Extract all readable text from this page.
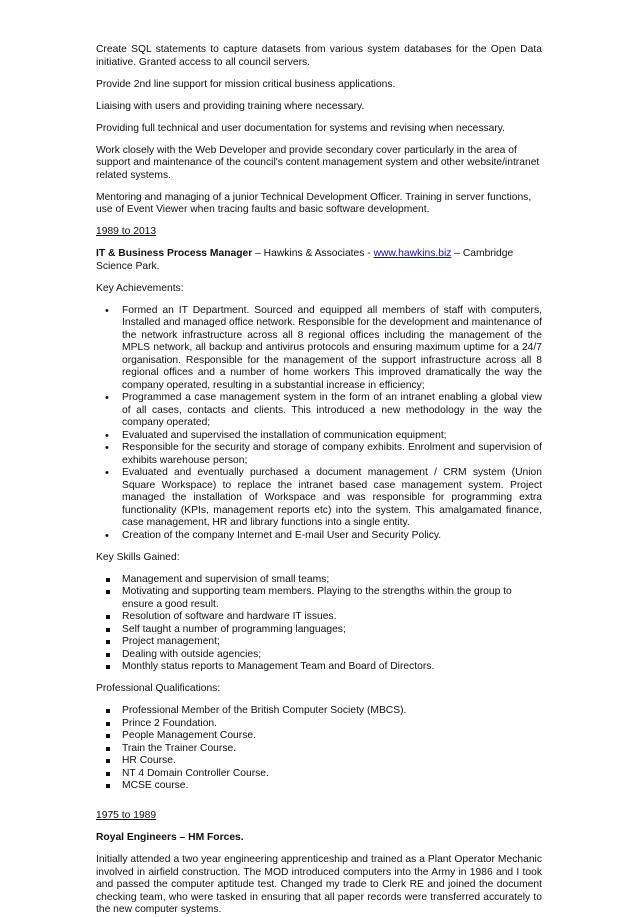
Create SQL statements to capture datasets from various system databases for the Open Data initiative. Granted access to all council servers.

Provide 2nd line support for mission critical business applications.

Liaising with users and providing training where necessary.

Providing full technical and user documentation for systems and revising when necessary.

Work closely with the Web Developer and provide secondary cover particularly in the area of support and maintenance of the council's content management system and other website/intranet related systems.

Mentoring and managing of a junior Technical Development Officer. Training in server functions, use of Event Viewer when tracing faults and basic software development.

1989 to 2013

IT & Business Process Manager – Hawkins & Associates - www.hawkins.biz – Cambridge Science Park.

Key Achievements:

• Formed an IT Department. Sourced and equipped all members of staff with computers, Installed and managed office network. Responsible for the development and maintenance of the network infrastructure across all 8 regional offices including the management of the MPLS network, all backup and antivirus protocols and ensuring maximum uptime for a 24/7 organisation. Responsible for the management of the support infrastructure across all 8 regional offices and a number of home workers This improved dramatically the way the company operated, resulting in a substantial increase in efficiency;
• Programmed a case management system in the form of an intranet enabling a global view of all cases, contacts and clients. This introduced a new methodology in the way the company operated;
• Evaluated and supervised the installation of communication equipment;
• Responsible for the security and storage of company exhibits. Enrolment and supervision of exhibits warehouse person;
• Evaluated and eventually purchased a document management / CRM system (Union Square Workspace) to replace the intranet based case management system. Project managed the installation of Workspace and was responsible for programming extra functionality (KPIs, management reports etc) into the system. This amalgamated finance, case management, HR and library functions into a single entity.
• Creation of the company Internet and E-mail User and Security Policy.

Key Skills Gained:

Management and supervision of small teams;
Motivating and supporting team members. Playing to the strengths within the group to ensure a good result.
Resolution of software and hardware IT issues.
Self taught a number of programming languages;
Project management;
Dealing with outside agencies;
Monthly status reports to Management Team and Board of Directors.

Professional Qualifications:

Professional Member of the British Computer Society (MBCS).
Prince 2 Foundation.
People Management Course.
Train the Trainer Course.
HR Course.
NT 4 Domain Controller Course.
MCSE course.

1975 to 1989

Royal Engineers – HM Forces.

Initially attended a two year engineering apprenticeship and trained as a Plant Operator Mechanic involved in airfield construction. The MOD introduced computers into the Army in 1986 and I took and passed the computer aptitude test. Changed my trade to Clerk RE and joined the document checking team, who were tasked in ensuring that all paper records were transferred accurately to the new computer systems.
